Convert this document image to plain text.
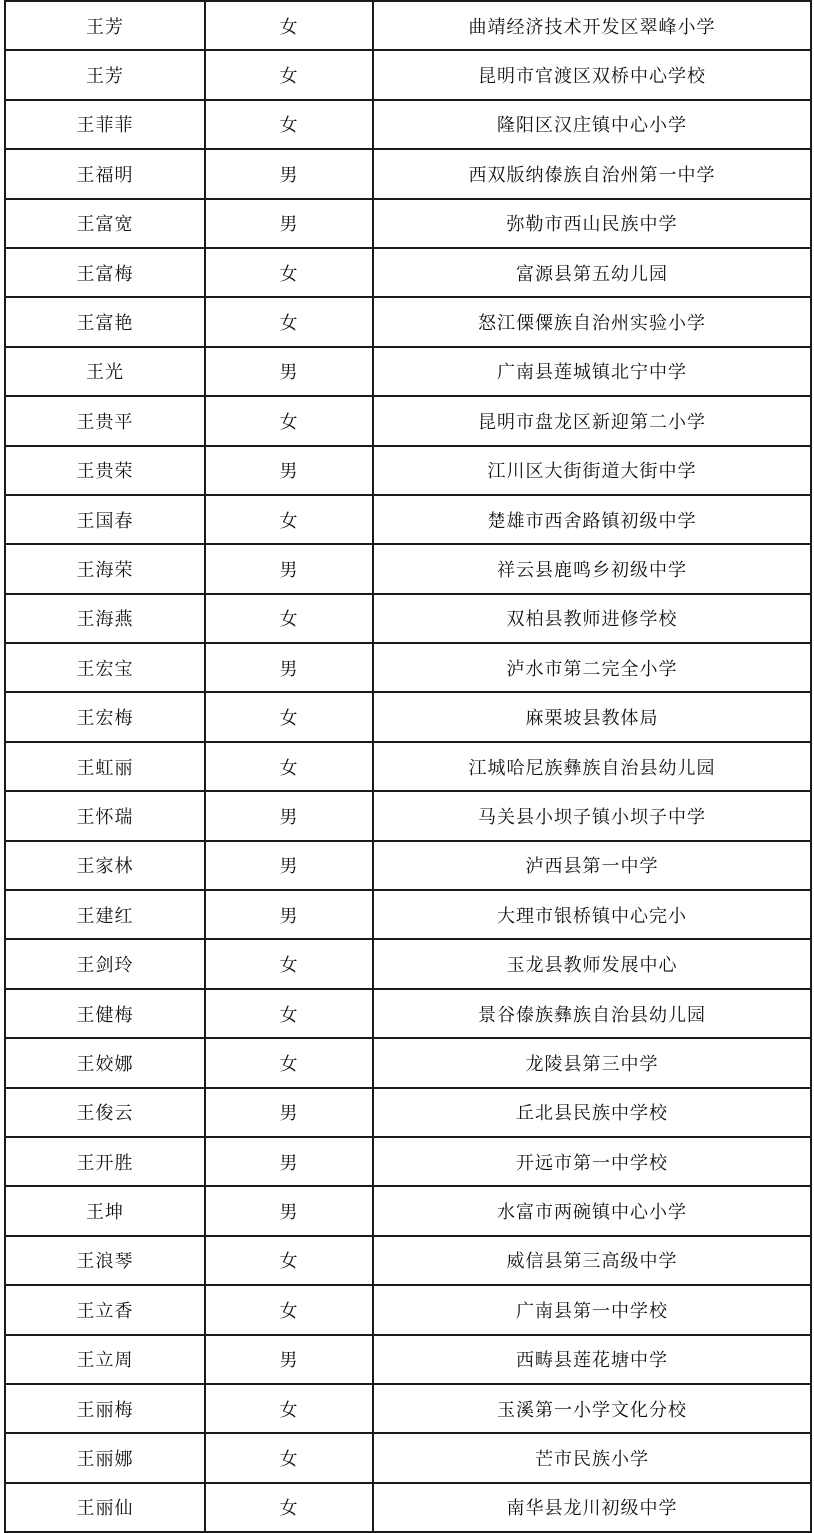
王芳	女	曲靖经济技术开发区翠峰小学
王芳	女	昆明市官渡区双桥中心学校
王菲菲	女	隆阳区汉庄镇中心小学
王福明	男	西双版纳傣族自治州第一中学
王富宽	男	弥勒市西山民族中学
王富梅	女	富源县第五幼儿园
王富艳	女	怒江傈僳族自治州实验小学
王光	男	广南县莲城镇北宁中学
王贵平	女	昆明市盘龙区新迎第二小学
王贵荣	男	江川区大街街道大街中学
王国春	女	楚雄市西舍路镇初级中学
王海荣	男	祥云县鹿鸣乡初级中学
王海燕	女	双柏县教师进修学校
王宏宝	男	泸水市第二完全小学
王宏梅	女	麻栗坡县教体局
王虹丽	女	江城哈尼族彝族自治县幼儿园
王怀瑞	男	马关县小坝子镇小坝子中学
王家林	男	泸西县第一中学
王建红	男	大理市银桥镇中心完小
王剑玲	女	玉龙县教师发展中心
王健梅	女	景谷傣族彝族自治县幼儿园
王姣娜	女	龙陵县第三中学
王俊云	男	丘北县民族中学校
王开胜	男	开远市第一中学校
王坤	男	水富市两碗镇中心小学
王浪琴	女	威信县第三高级中学
王立香	女	广南县第一中学校
王立周	男	西畴县莲花塘中学
王丽梅	女	玉溪第一小学文化分校
王丽娜	女	芒市民族小学
王丽仙	女	南华县龙川初级中学
